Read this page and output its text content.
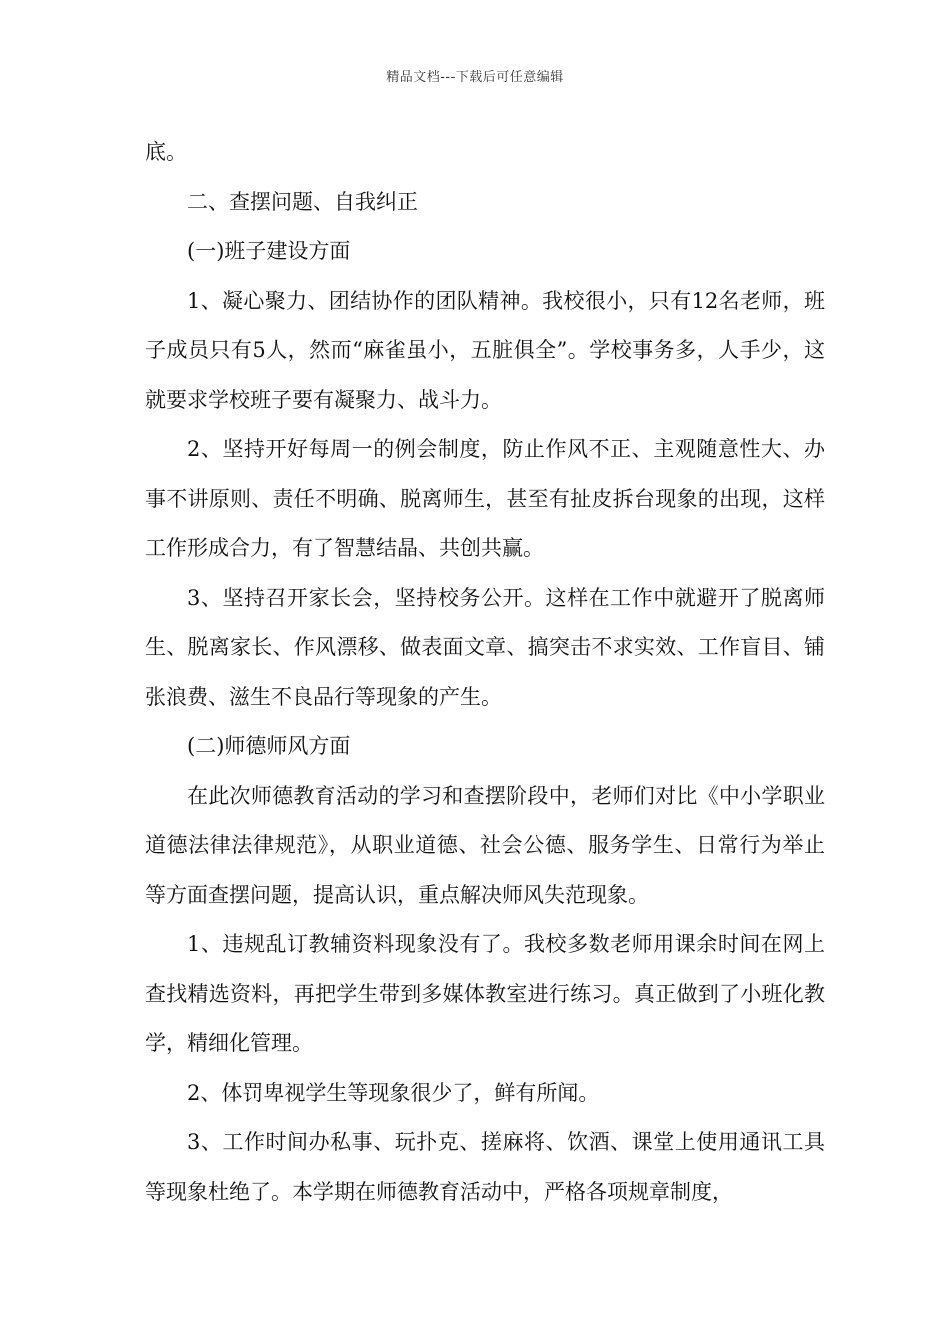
精品文档---下载后可任意编辑

底。

二、查摆问题、自我纠正

(一)班子建设方面

1、凝心聚力、团结协作的团队精神。我校很小，只有12名老师，班子成员只有5人，然而“麻雀虽小，五脏俱全”。学校事务多，人手少，这就要求学校班子要有凝聚力、战斗力。

2、坚持开好每周一的例会制度，防止作风不正、主观随意性大、办事不讲原则、责任不明确、脱离师生，甚至有扯皮拆台现象的出现，这样工作形成合力，有了智慧结晶、共创共赢。

3、坚持召开家长会，坚持校务公开。这样在工作中就避开了脱离师生、脱离家长、作风漂移、做表面文章、搞突击不求实效、工作盲目、铺张浪费、滋生不良品行等现象的产生。

(二)师德师风方面

在此次师德教育活动的学习和查摆阶段中，老师们对比《中小学职业道德法律法律规范》，从职业道德、社会公德、服务学生、日常行为举止等方面查摆问题，提高认识，重点解决师风失范现象。

1、违规乱订教辅资料现象没有了。我校多数老师用课余时间在网上查找精选资料，再把学生带到多媒体教室进行练习。真正做到了小班化教学，精细化管理。

2、体罚卑视学生等现象很少了，鲜有所闻。

3、工作时间办私事、玩扑克、搓麻将、饮酒、课堂上使用通讯工具等现象杜绝了。本学期在师德教育活动中，严格各项规章制度，
